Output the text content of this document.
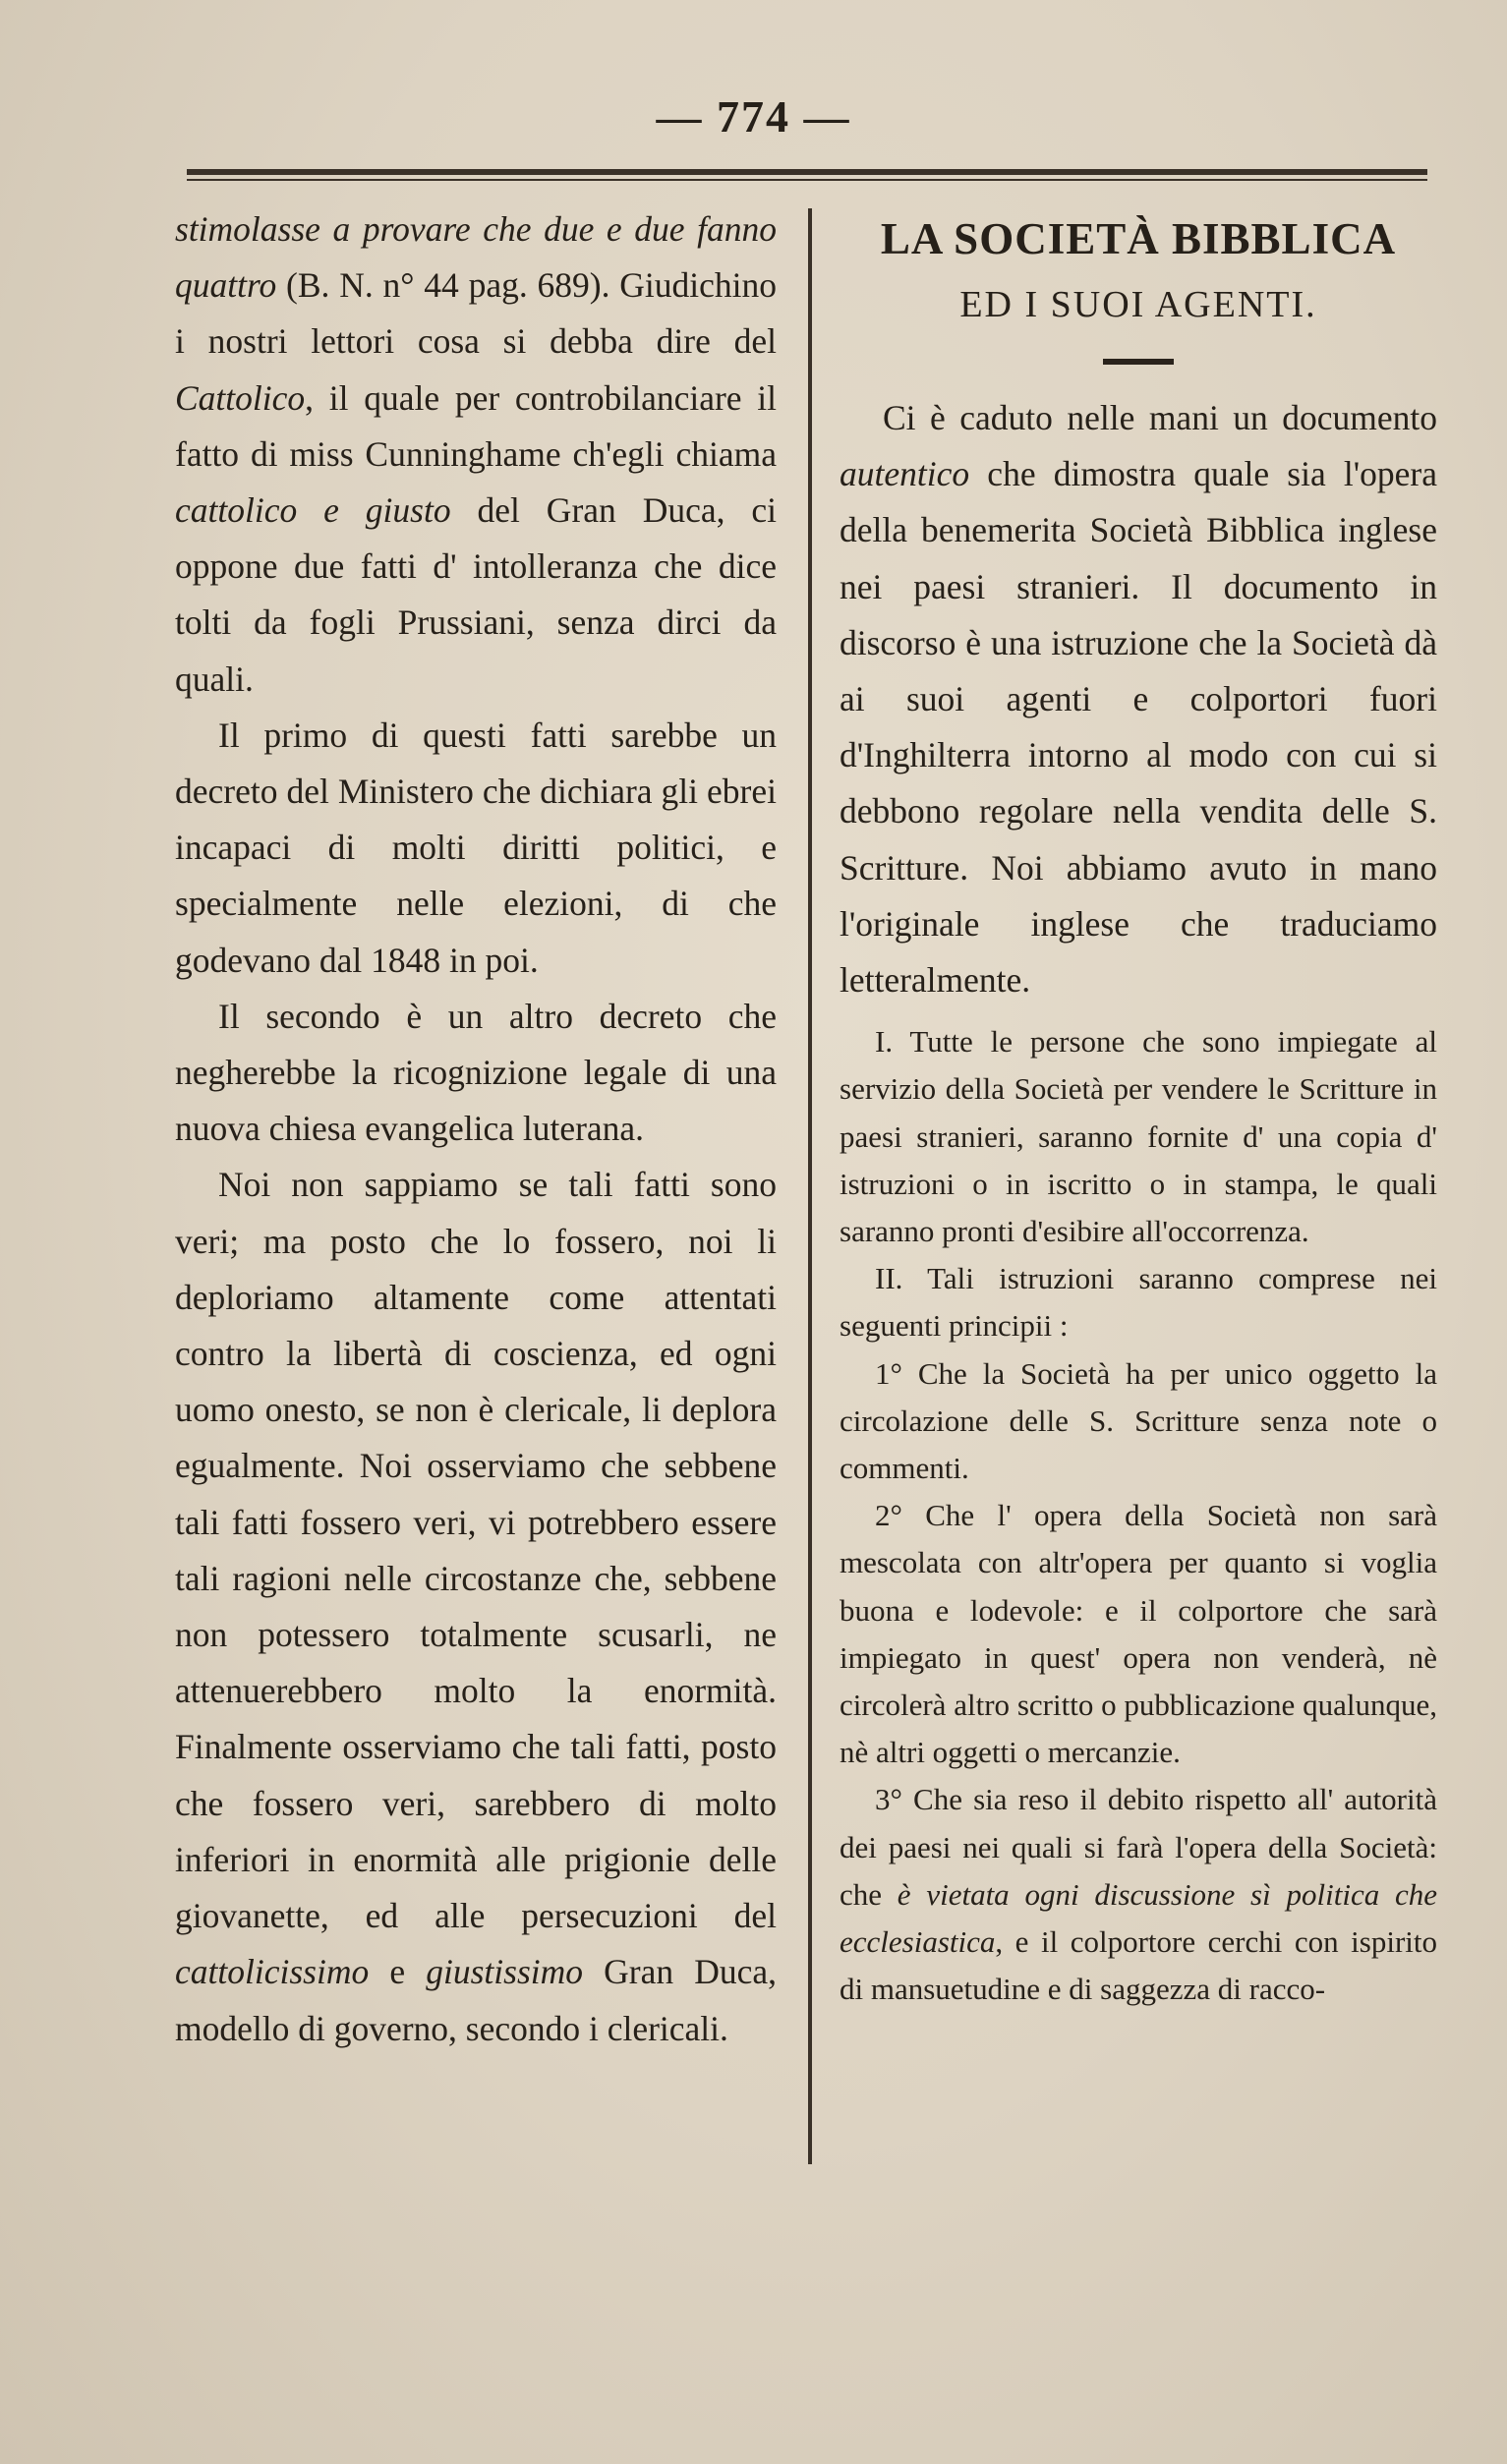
— 774 —

stimolasse a provare che due e due fanno quattro (B. N. n° 44 pag. 689). Giudichino i nostri lettori cosa si debba dire del Cattolico, il quale per controbilanciare il fatto di miss Cunninghame ch'egli chiama cattolico e giusto del Gran Duca, ci oppone due fatti d' intolleranza che dice tolti da fogli Prussiani, senza dirci da quali.

Il primo di questi fatti sarebbe un decreto del Ministero che dichiara gli ebrei incapaci di molti diritti politici, e specialmente nelle elezioni, di che godevano dal 1848 in poi.

Il secondo è un altro decreto che negherebbe la ricognizione legale di una nuova chiesa evangelica luterana.

Noi non sappiamo se tali fatti sono veri; ma posto che lo fossero, noi li deploriamo altamente come attentati contro la libertà di coscienza, ed ogni uomo onesto, se non è clericale, li deplora egualmente. Noi osserviamo che sebbene tali fatti fossero veri, vi potrebbero essere tali ragioni nelle circostanze che, sebbene non potessero totalmente scusarli, ne attenuerebbero molto la enormità. Finalmente osserviamo che tali fatti, posto che fossero veri, sarebbero di molto inferiori in enormità alle prigionie delle giovanette, ed alle persecuzioni del cattolicissimo e giustissimo Gran Duca, modello di governo, secondo i clericali.

LA SOCIETÀ BIBBLICA
ED I SUOI AGENTI.

Ci è caduto nelle mani un documento autentico che dimostra quale sia l'opera della benemerita Società Bibblica inglese nei paesi stranieri. Il documento in discorso è una istruzione che la Società dà ai suoi agenti e colportori fuori d'Inghilterra intorno al modo con cui si debbono regolare nella vendita delle S. Scritture. Noi abbiamo avuto in mano l'originale inglese che traduciamo letteralmente.

I. Tutte le persone che sono impiegate al servizio della Società per vendere le Scritture in paesi stranieri, saranno fornite d' una copia d' istruzioni o in iscritto o in stampa, le quali saranno pronti d'esibire all'occorrenza.

II. Tali istruzioni saranno comprese nei seguenti principii :

1° Che la Società ha per unico oggetto la circolazione delle S. Scritture senza note o commenti.

2° Che l' opera della Società non sarà mescolata con altr'opera per quanto si voglia buona e lodevole: e il colportore che sarà impiegato in quest' opera non venderà, nè circolerà altro scritto o pubblicazione qualunque, nè altri oggetti o mercanzie.

3° Che sia reso il debito rispetto all' autorità dei paesi nei quali si farà l'opera della Società: che è vietata ogni discussione sì politica che ecclesiastica, e il colportore cerchi con ispirito di mansuetudine e di saggezza di racco-
